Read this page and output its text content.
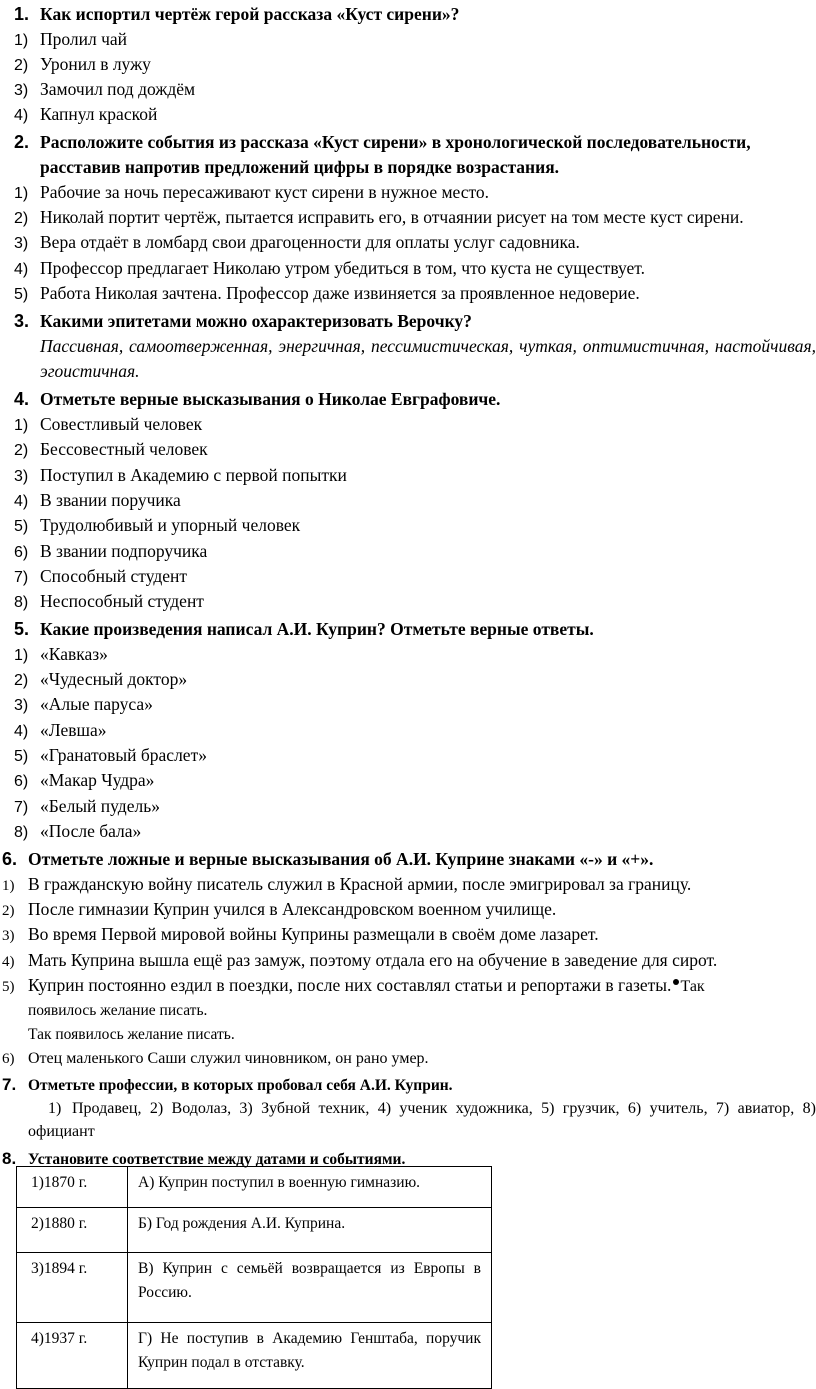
1. Как испортил чертёж герой рассказа «Куст сирени»?
1) Пролил чай
2) Уронил в лужу
3) Замочил под дождём
4) Капнул краской
2. Расположите события из рассказа «Куст сирени» в хронологической последовательности,
расставив напротив предложений цифры в порядке возрастания.
1) Рабочие за ночь пересаживают куст сирени в нужное место.
2) Николай портит чертёж, пытается исправить его, в отчаянии рисует на том месте куст сирени.
3) Вера отдаёт в ломбард свои драгоценности для оплаты услуг садовника.
4) Профессор предлагает Николаю утром убедиться в том, что куста не существует.
5) Работа Николая зачтена. Профессор даже извиняется за проявленное недоверие.
3. Какими эпитетами можно охарактеризовать Верочку?
Пассивная, самоотверженная, энергичная, пессимистическая, чуткая, оптимистичная, настойчивая, эгоистичная.
4. Отметьте верные высказывания о Николае Евграфовиче.
1) Совестливый человек
2) Бессовестный человек
3) Поступил в Академию с первой попытки
4) В звании поручика
5) Трудолюбивый и упорный человек
6) В звании подпоручика
7) Способный студент
8) Неспособный студент
5. Какие произведения написал А.И. Куприн? Отметьте верные ответы.
1) «Кавказ»
2) «Чудесный доктор»
3) «Алые паруса»
4) «Левша»
5) «Гранатовый браслет»
6) «Макар Чудра»
7) «Белый пудель»
8) «После бала»
6. Отметьте ложные и верные высказывания об А.И. Куприне знаками «-» и «+».
1) В гражданскую войну писатель служил в Красной армии, после эмигрировал за границу.
2) После гимназии Куприн учился в Александровском военном училище.
3) Во время Первой мировой войны Куприны размещали в своём доме лазарет.
4) Мать Куприна вышла ещё раз замуж, поэтому отдала его на обучение в заведение для сирот.
5) Куприн постоянно ездил в поездки, после них составлял статьи и репортажи в газеты. Так
появилось желание писать.
Так появилось желание писать.
6) Отец маленького Саши служил чиновником, он рано умер.
7. Отметьте профессии, в которых пробовал себя А.И. Куприн.
1) Продавец, 2) Водолаз, 3) Зубной техник, 4) ученик художника, 5) грузчик, 6) учитель, 7) авиатор, 8) официант
8. Установите соответствие между датами и событиями.
1)1870 г.	А) Куприн поступил в военную гимназию.
2)1880 г.	Б) Год рождения А.И. Куприна.
3)1894 г.	В) Куприн с семьёй возвращается из Европы в Россию.
4)1937 г.	Г) Не поступив в Академию Генштаба, поручик Куприн подал в отставку.
